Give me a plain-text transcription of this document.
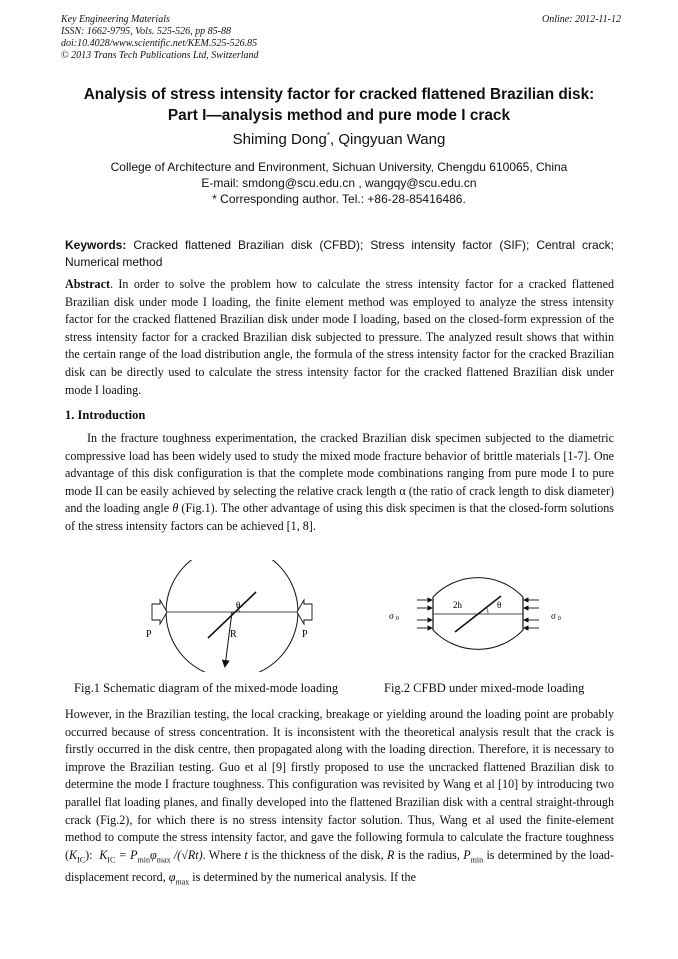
Key Engineering Materials	Online: 2012-11-12
ISSN: 1662-9795, Vols. 525-526, pp 85-88
doi:10.4028/www.scientific.net/KEM.525-526.85
© 2013 Trans Tech Publications Ltd, Switzerland
Analysis of stress intensity factor for cracked flattened Brazilian disk:
Part I—analysis method and pure mode I crack
Shiming Dong*, Qingyuan Wang
College of Architecture and Environment, Sichuan University, Chengdu 610065, China
E-mail: smdong@scu.edu.cn , wangqy@scu.edu.cn
* Corresponding author. Tel.: +86-28-85416486.
Keywords: Cracked flattened Brazilian disk (CFBD); Stress intensity factor (SIF); Central crack; Numerical method
Abstract. In order to solve the problem how to calculate the stress intensity factor for a cracked flattened Brazilian disk under mode I loading, the finite element method was employed to analyze the stress intensity factor for the cracked flattened Brazilian disk under mode I loading, based on the closed-form expression of the stress intensity factor for a cracked Brazilian disk subjected to pressure. The analyzed result shows that within the certain range of the load distribution angle, the formula of the stress intensity factor for the cracked Brazilian disk can be directly used to calculate the stress intensity factor for the cracked flattened Brazilian disk under mode I loading.
1. Introduction
In the fracture toughness experimentation, the cracked Brazilian disk specimen subjected to the diametric compressive load has been widely used to study the mixed mode fracture behavior of brittle materials [1-7]. One advantage of this disk configuration is that the complete mode combinations ranging from pure mode I to pure mode II can be easily achieved by selecting the relative crack length α (the ratio of crack length to disk diameter) and the loading angle θ (Fig.1). The other advantage of using this disk specimen is that the closed-form solutions of the stress intensity factors can be achieved [1, 8].
P	P
R
θ	2h	θ
σ 0	σ 0
Fig.1 Schematic diagram of the mixed-mode loading	Fig.2 CFBD under mixed-mode loading
However, in the Brazilian testing, the local cracking, breakage or yielding around the loading point are probably occurred because of stress concentration. It is inconsistent with the theoretical analysis result that the crack is firstly occurred in the disk centre, then propagated along with the loading direction. Therefore, it is necessary to improve the Brazilian testing. Guo et al [9] firstly proposed to use the uncracked flattened Brazilian disk to determine the mode I fracture toughness. This configuration was revisited by Wang et al [10] by introducing two parallel flat loading planes, and finally developed into the flattened Brazilian disk with a central straight-through crack (Fig.2), for which there is no stress intensity factor solution. Thus, Wang et al used the finite-element method to compute the stress intensity factor, and gave the following formula to calculate the fracture toughness $(K_{IC})$: $K_{IC} = P_{min}\varphi_{max}$ /(√Rt). Where t is the thickness of the disk, R is the radius, $P_{min}$ is determined by the load-displacement record, $\varphi_{max}$ is determined by the numerical analysis. If the
